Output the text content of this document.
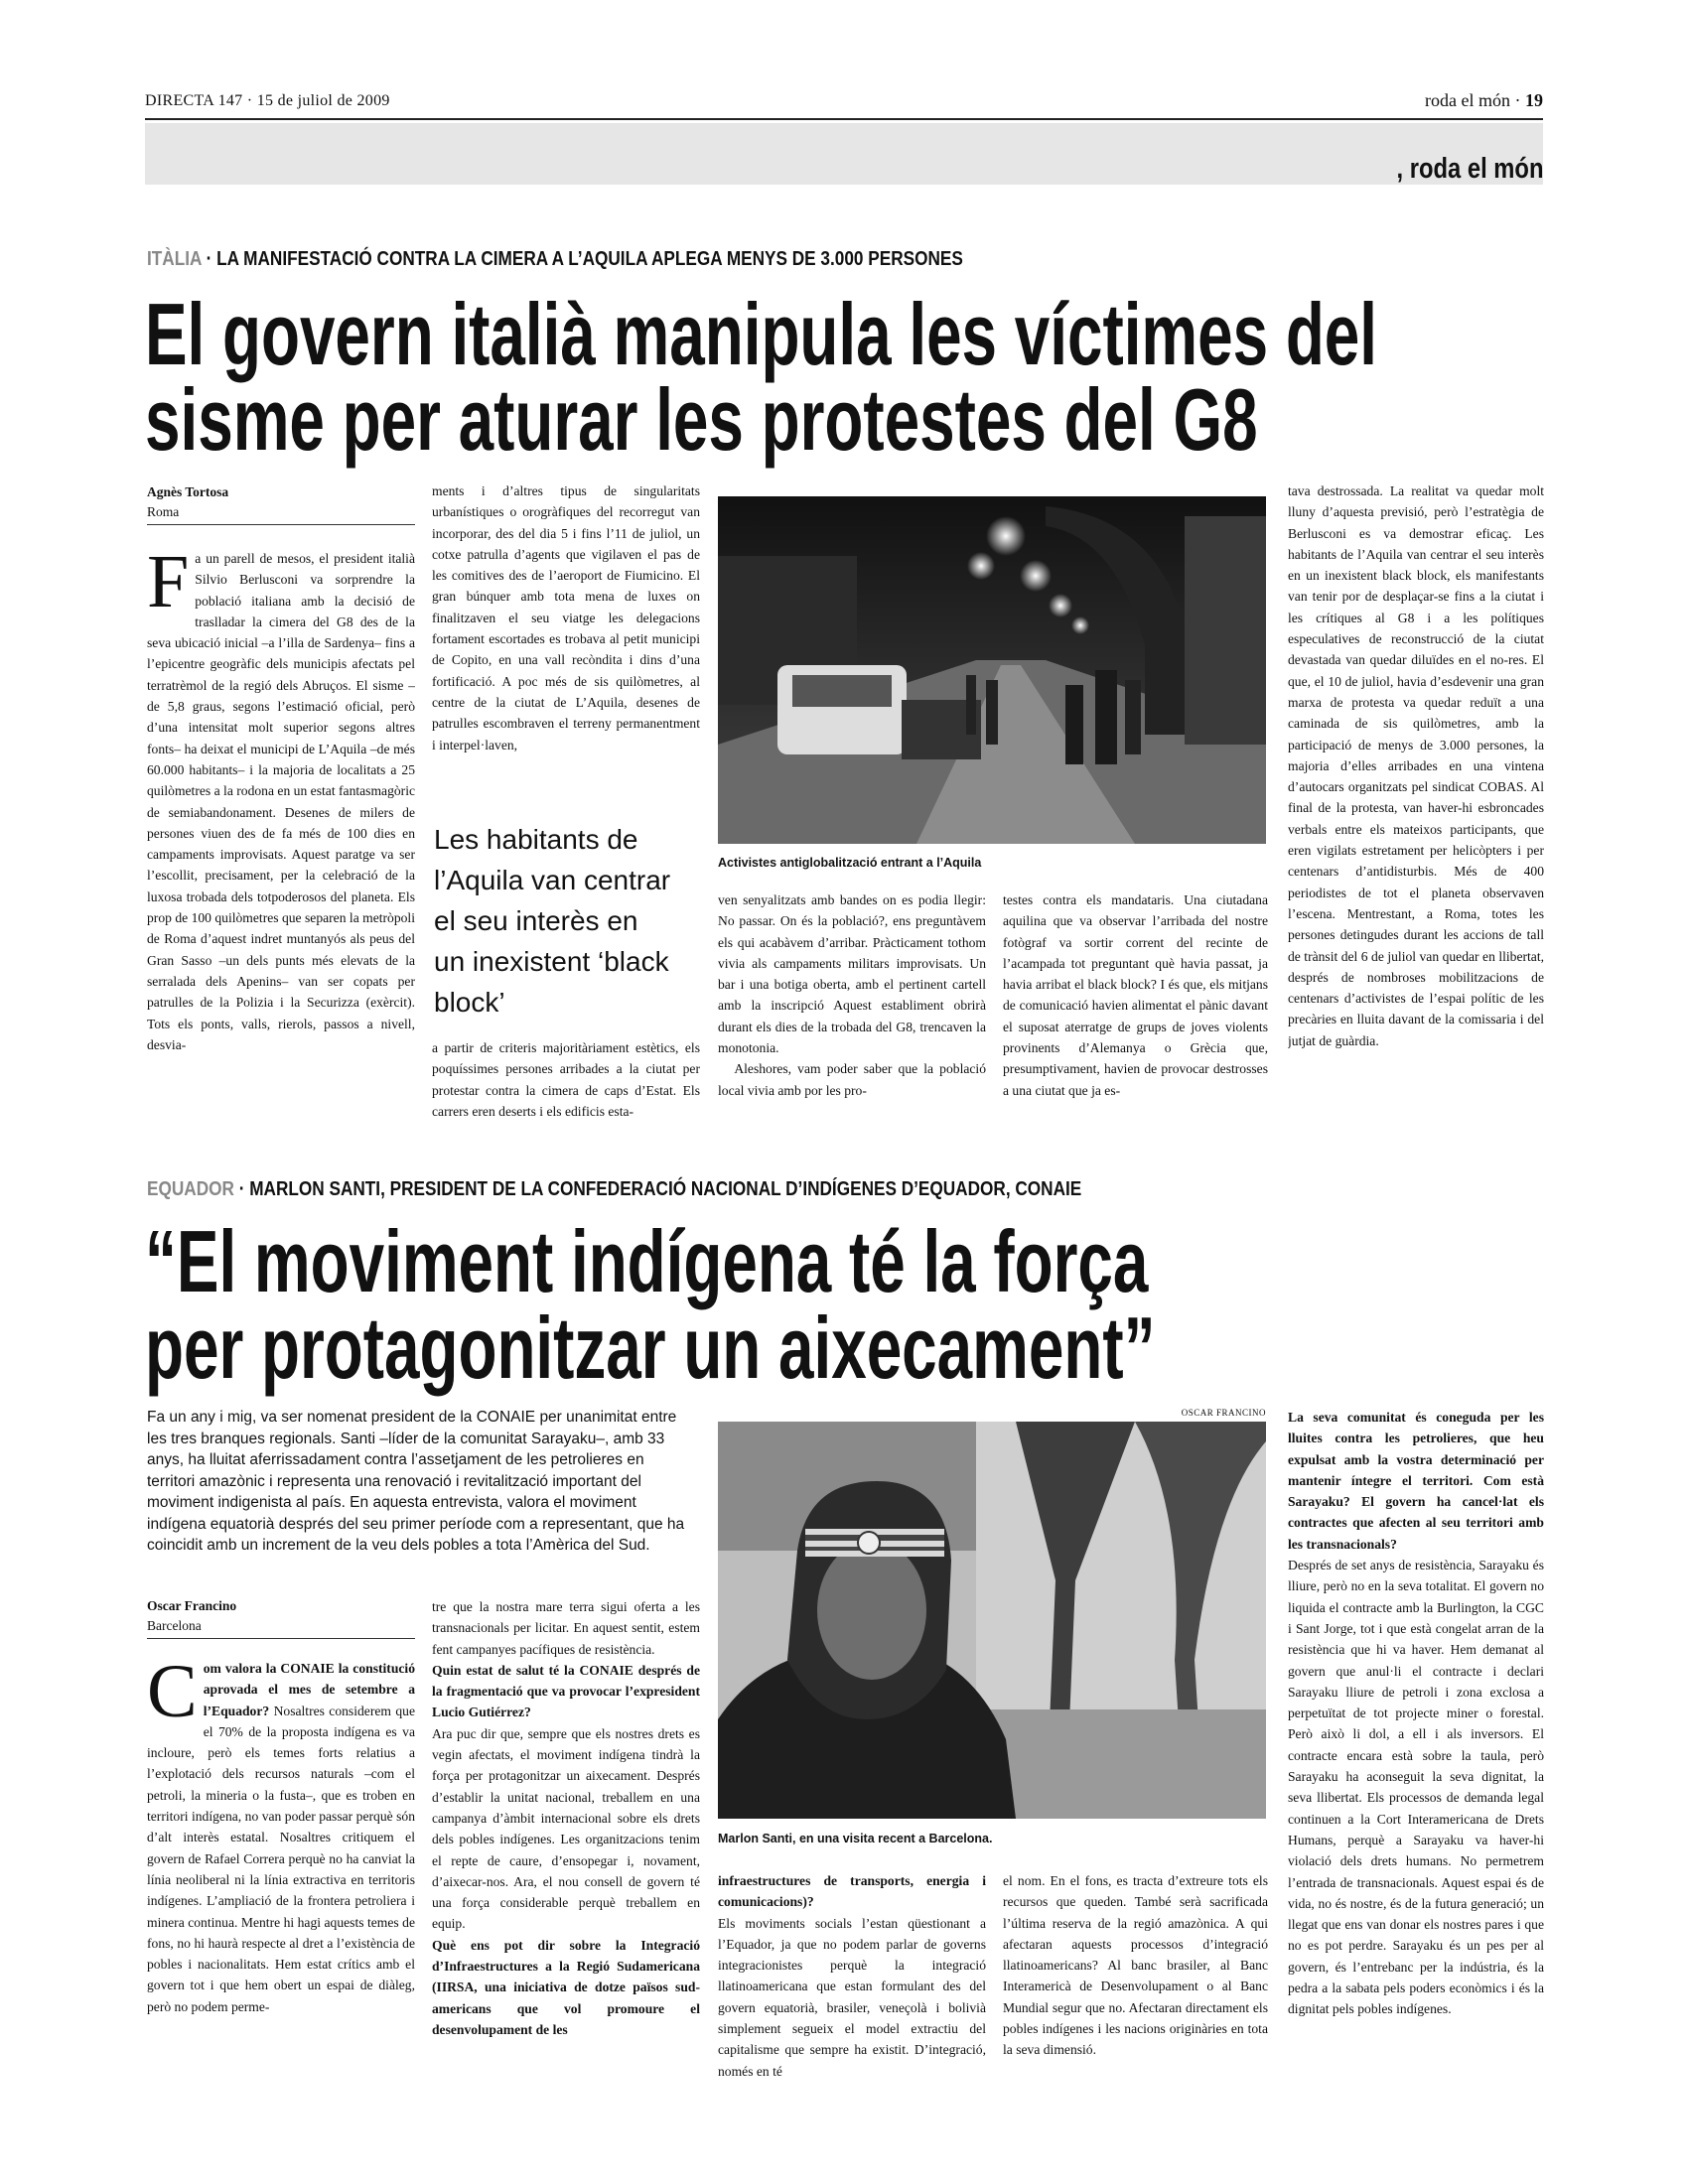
DIRECTA 147 · 15 de juliol de 2009	roda el món · 19
, roda el món
ITÀLIA · LA MANIFESTACIÓ CONTRA LA CIMERA A L’AQUILA APLEGA MENYS DE 3.000 PERSONES
El govern italià manipula les víctimes del
sisme per aturar les protestes del G8
Agnès Tortosa
Roma
F a un parell de mesos, el president italià Silvio Berlusconi va sorprendre la població italiana amb la decisió de traslladar la cimera del G8 des de la seva ubicació inicial –a l’illa de Sardenya– fins a l’epicentre geogràfic dels municipis afectats pel terratrèmol de la regió dels Abruços. El sisme –de 5,8 graus, segons l’estimació oficial, però d’una intensitat molt superior segons altres fonts– ha deixat el municipi de L’Aquila –de més 60.000 habitants– i la majoria de localitats a 25 quilòmetres a la rodona en un estat fantasmagòric de semiabandonament. Desenes de milers de persones viuen des de fa més de 100 dies en campaments improvisats. Aquest paratge va ser l’escollit, precisament, per la celebració de la luxosa trobada dels totpoderosos del planeta. Els prop de 100 quilòmetres que separen la metròpoli de Roma d’aquest indret muntanyós als peus del Gran Sasso –un dels punts més elevats de la serralada dels Apenins– van ser copats per patrulles de la Polizia i la Securizza (exèrcit). Tots els ponts, valls, rierols, passos a nivell, desvia-
ments i d’altres tipus de singularitats urbanístiques o orogràfiques del recorregut van incorporar, des del dia 5 i fins l’11 de juliol, un cotxe patrulla d’agents que vigilaven el pas de les comitives des de l’aeroport de Fiumicino. El gran búnquer amb tota mena de luxes on finalitzaven el seu viatge les delegacions fortament escortades es trobava al petit municipi de Copito, en una vall recòndita i dins d’una fortificació. A poc més de sis quilòmetres, al centre de la ciutat de L’Aquila, desenes de patrulles escombraven el terreny permanentment i interpel·laven,
Les habitants de l’Aquila van centrar el seu interès en un inexistent ‘black block’
a partir de criteris majoritàriament estètics, els poquíssimes persones arribades a la ciutat per protestar contra la cimera de caps d’Estat. Els carrers eren deserts i els edificis esta-
Activistes antiglobalització entrant a l’Aquila

ven senyalitzats amb bandes on es podia llegir: No passar. On és la població?, ens preguntàvem els qui acabàvem d’arribar. Pràcticament tothom vivia als campaments militars improvisats. Un bar i una botiga oberta, amb el pertinent cartell amb la inscripció Aquest establiment obrirà durant els dies de la trobada del G8, trencaven la monotonia.

Aleshores, vam poder saber que la població local vivia amb por les pro-

testes contra els mandataris. Una ciutadana aquilina que va observar l’arribada del nostre fotògraf va sortir corrent del recinte de l’acampada tot preguntant què havia passat, ja havia arribat el black block? I és que, els mitjans de comunicació havien alimentat el pànic davant el suposat aterratge de grups de joves violents provinents d’Alemanya o Grècia que, presumptivament, havien de provocar destrosses a una ciutat que ja es-
tava destrossada. La realitat va quedar molt lluny d’aquesta previsió, però l’estratègia de Berlusconi es va demostrar eficaç. Les habitants de l’Aquila van centrar el seu interès en un inexistent black block, els manifestants van tenir por de desplaçar-se fins a la ciutat i les crítiques al G8 i a les polítiques especulatives de reconstrucció de la ciutat devastada van quedar diluïdes en el no-res. El que, el 10 de juliol, havia d’esdevenir una gran marxa de protesta va quedar reduït a una caminada de sis quilòmetres, amb la participació de menys de 3.000 persones, la majoria d’elles arribades en una vintena d’autocars organitzats pel sindicat COBAS. Al final de la protesta, van haver-hi esbroncades verbals entre els mateixos participants, que eren vigilats estretament per helicòpters i per centenars d’antidisturbis. Més de 400 periodistes de tot el planeta observaven l’escena. Mentrestant, a Roma, totes les persones detingudes durant les accions de tall de trànsit del 6 de juliol van quedar en llibertat, després de nombroses mobilitzacions de centenars d’activistes de l’espai polític de les precàries en lluita davant de la comissaria i del jutjat de guàrdia.
EQUADOR · MARLON SANTI, PRESIDENT DE LA CONFEDERACIÓ NACIONAL D’INDÍGENES D’EQUADOR, CONAIE
“El moviment indígena té la força
per protagonitzar un aixecament”
Fa un any i mig, va ser nomenat president de la CONAIE per unanimitat entre les tres branques regionals. Santi –líder de la comunitat Sarayaku–, amb 33 anys, ha lluitat aferrissadament contra l’assetjament de les petrolieres en territori amazònic i representa una renovació i revitalització important del moviment indigenista al país. En aquesta entrevista, valora el moviment indígena equatorià després del seu primer període com a representant, que ha coincidit amb un increment de la veu dels pobles a tota l’Amèrica del Sud.
Oscar Francino
Barcelona
C om valora la CONAIE la constitució aprovada el mes de setembre a l’Equador? Nosaltres considerem que el 70% de la proposta indígena es va incloure, però els temes forts relatius a l’explotació dels recursos naturals –com el petroli, la mineria o la fusta–, que es troben en territori indígena, no van poder passar perquè són d’alt interès estatal. Nosaltres critiquem el govern de Rafael Correra perquè no ha canviat la línia neoliberal ni la línia extractiva en territoris indígenes. L’ampliació de la frontera petroliera i minera continua. Mentre hi hagi aquests temes de fons, no hi haurà respecte al dret a l’existència de pobles i nacionalitats. Hem estat crítics amb el govern tot i que hem obert un espai de diàleg, però no podem perme-

tre que la nostra mare terra sigui oferta a les transnacionals per licitar. En aquest sentit, estem fent campanyes pacífiques de resistència.

Quin estat de salut té la CONAIE després de la fragmentació que va provocar l’expresident Lucio Gutiérrez?

Ara puc dir que, sempre que els nostres drets es vegin afectats, el moviment indígena tindrà la força per protagonitzar un aixecament. Després d’establir la unitat nacional, treballem en una campanya d’àmbit internacional sobre els drets dels pobles indígenes. Les organitzacions tenim el repte de caure, d’ensopegar i, novament, d’aixecar-nos. Ara, el nou consell de govern té una força considerable perquè treballem en equip.

Què ens pot dir sobre la Integració d’Infraestructures a la Regió Sudamericana (IIRSA, una iniciativa de dotze països sud-americans que vol promoure el desenvolupament de les

OSCAR FRANCINO
Marlon Santi, en una visita recent a Barcelona.

infraestructures de transports, energia i comunicacions)?

Els moviments socials l’estan qüestionant a l’Equador, ja que no podem parlar de governs integracionistes perquè la integració llatinoamericana que estan formulant des del govern equatorià, brasiler, veneçolà i bolivià simplement segueix el model extractiu del capitalisme que sempre ha existit. D’integració, només en té

el nom. En el fons, es tracta d’extreure tots els recursos que queden. També serà sacrificada l’última reserva de la regió amazònica. A qui afectaran aquests processos d’integració llatinoamericans? Al banc brasiler, al Banc Interamericà de Desenvolupament o al Banc Mundial segur que no. Afectaran directament els pobles indígenes i les nacions originàries en tota la seva dimensió.

La seva comunitat és coneguda per les lluites contra les petrolieres, que heu expulsat amb la vostra determinació per mantenir íntegre el territori. Com està Sarayaku? El govern ha cancel·lat els contractes que afecten al seu territori amb les transnacionals?

Després de set anys de resistència, Sarayaku és lliure, però no en la seva totalitat. El govern no liquida el contracte amb la Burlington, la CGC i Sant Jorge, tot i que està congelat arran de la resistència que hi va haver. Hem demanat al govern que anul·li el contracte i declari Sarayaku lliure de petroli i zona exclosa a perpetuïtat de tot projecte miner o forestal. Però això li dol, a ell i als inversors. El contracte encara està sobre la taula, però Sarayaku ha aconseguit la seva dignitat, la seva llibertat. Els processos de demanda legal continuen a la Cort Interamericana de Drets Humans, perquè a Sarayaku va haver-hi violació dels drets humans. No permetrem l’entrada de transnacionals. Aquest espai és de vida, no és nostre, és de la futura generació; un llegat que ens van donar els nostres pares i que no es pot perdre. Sarayaku és un pes per al govern, és l’entrebanc per la indústria, és la pedra a la sabata pels poders econòmics i és la dignitat pels pobles indígenes.
